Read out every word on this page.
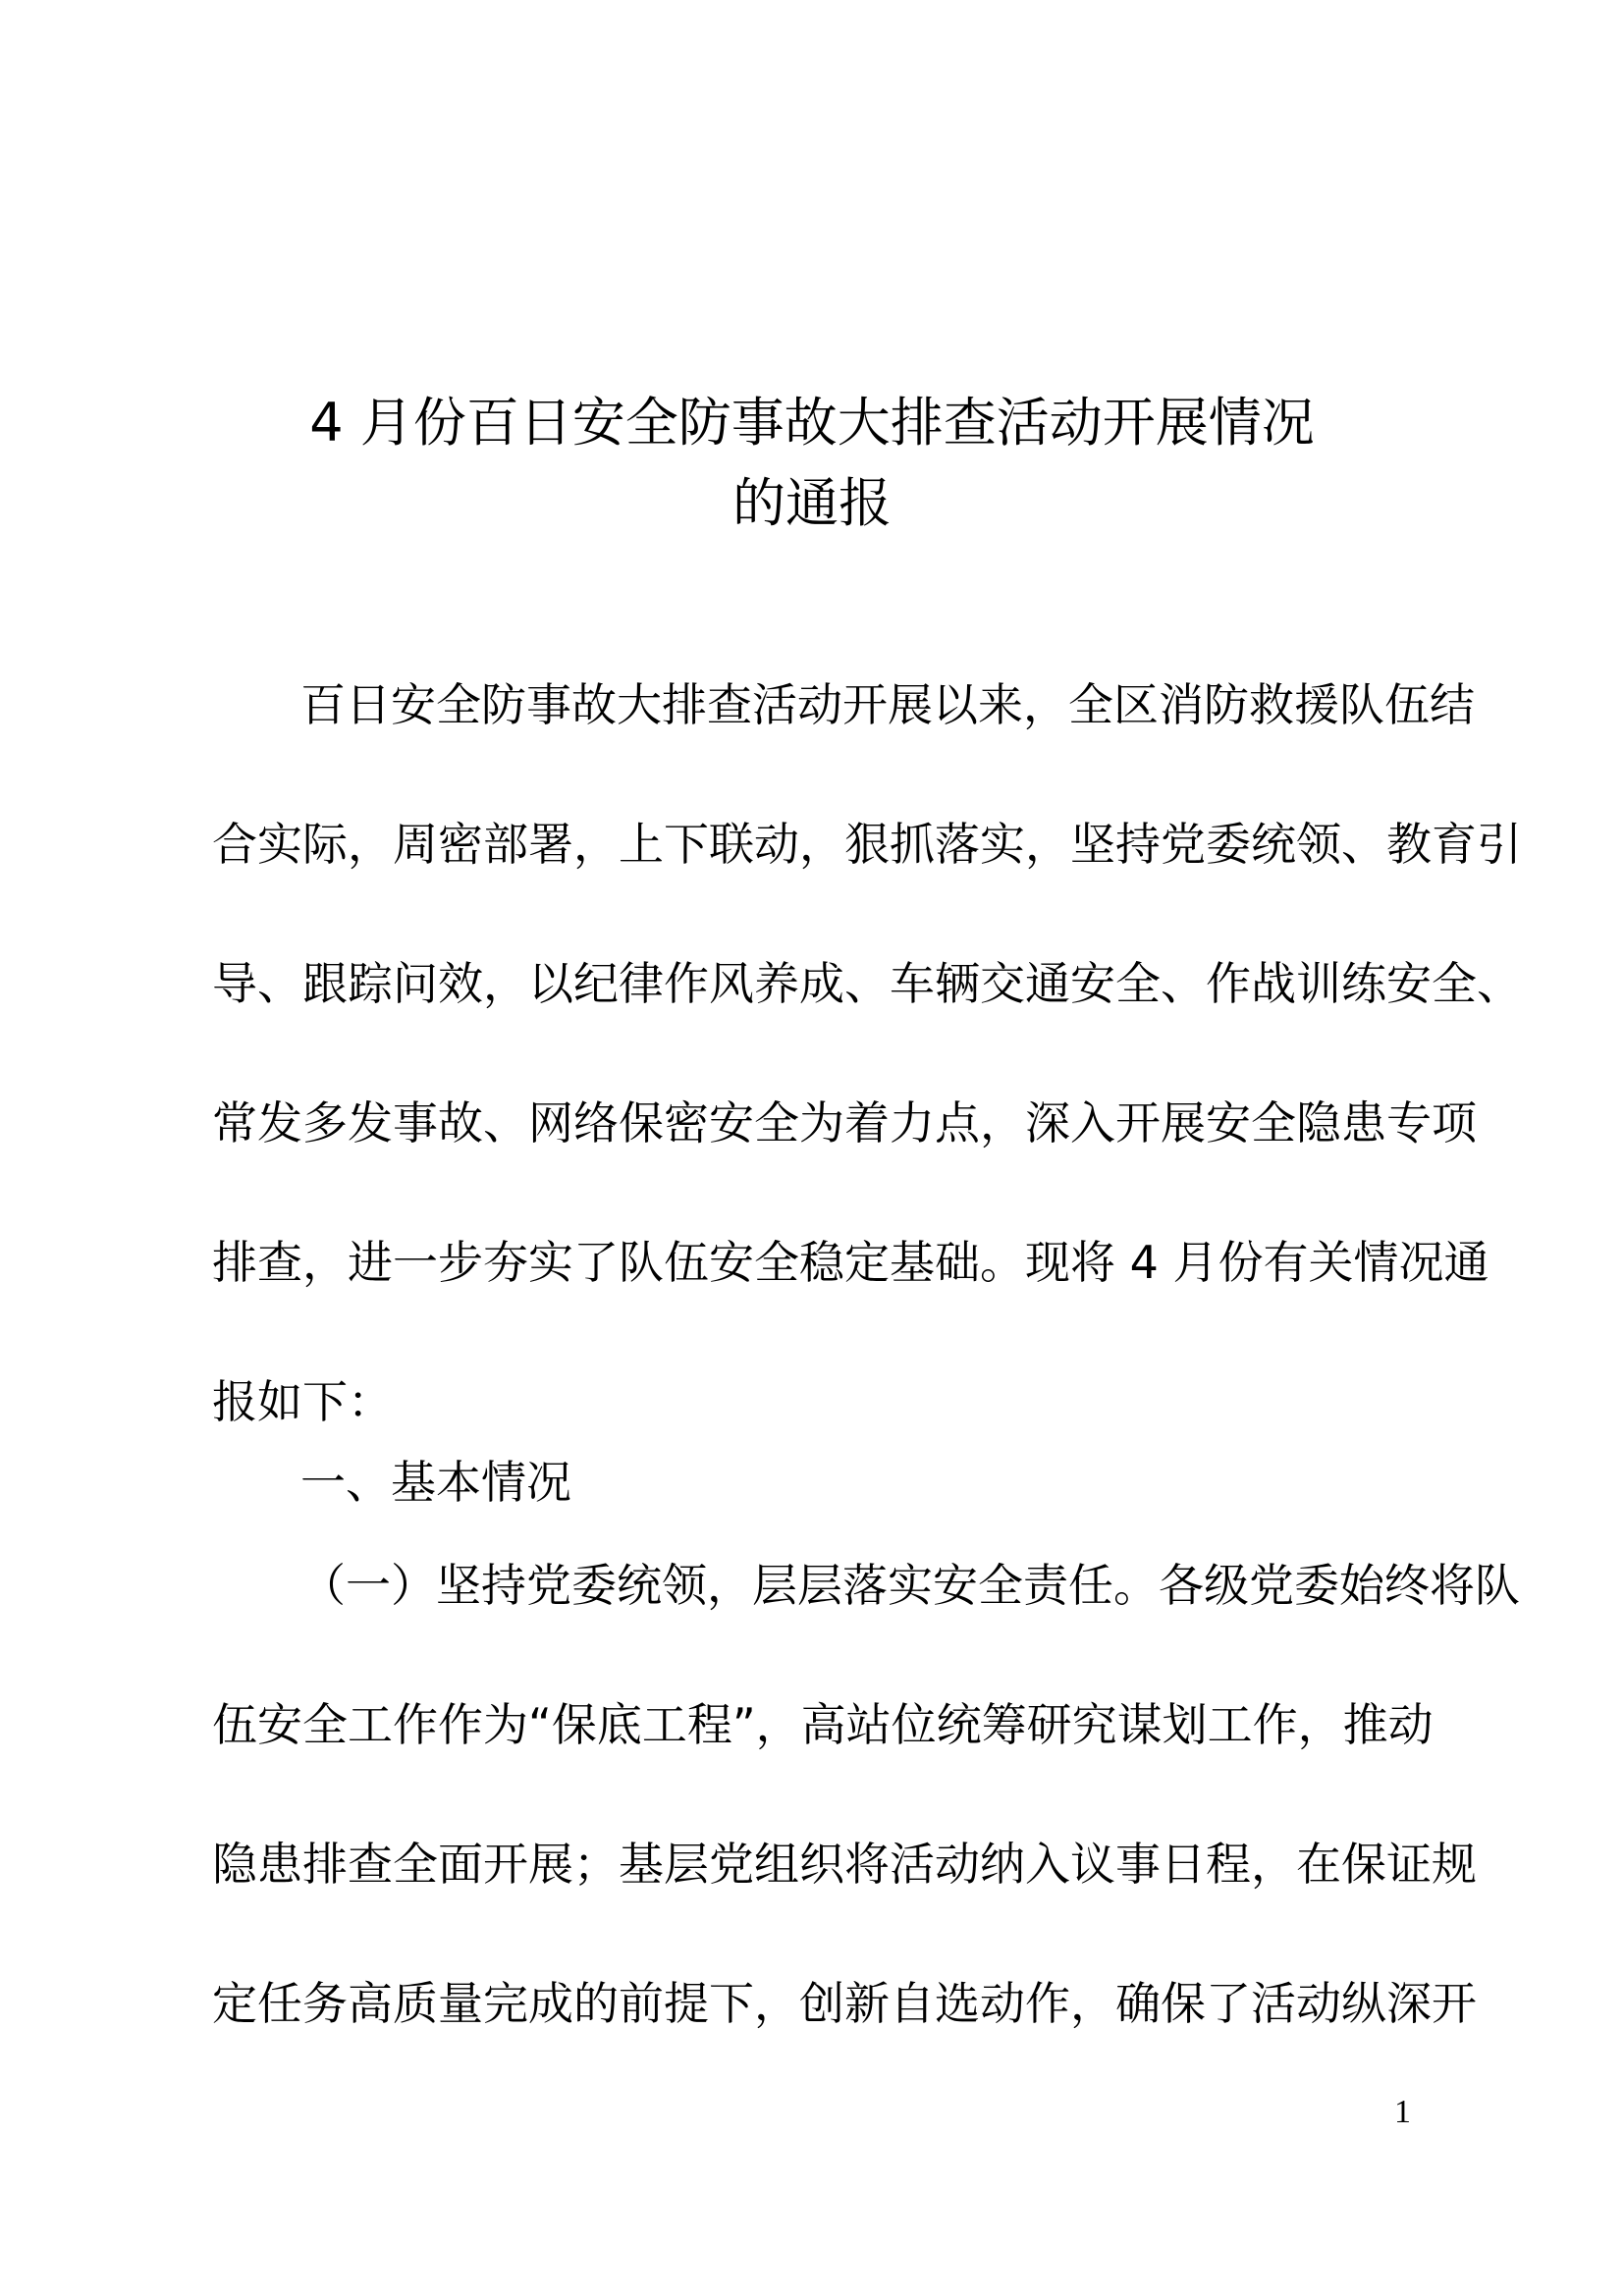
4 月份百日安全防事故大排查活动开展情况
的通报

百日安全防事故大排查活动开展以来，全区消防救援队伍结

合实际，周密部署，上下联动，狠抓落实，坚持党委统领、教育引

导、跟踪问效，以纪律作风养成、车辆交通安全、作战训练安全、

常发多发事故、网络保密安全为着力点，深入开展安全隐患专项

排查，进一步夯实了队伍安全稳定基础。现将 4 月份有关情况通

报如下：

一、基本情况

（一）坚持党委统领，层层落实安全责任。各级党委始终将队

伍安全工作作为“保底工程”，高站位统筹研究谋划工作，推动

隐患排查全面开展；基层党组织将活动纳入议事日程，在保证规

定任务高质量完成的前提下，创新自选动作，确保了活动纵深开

1
